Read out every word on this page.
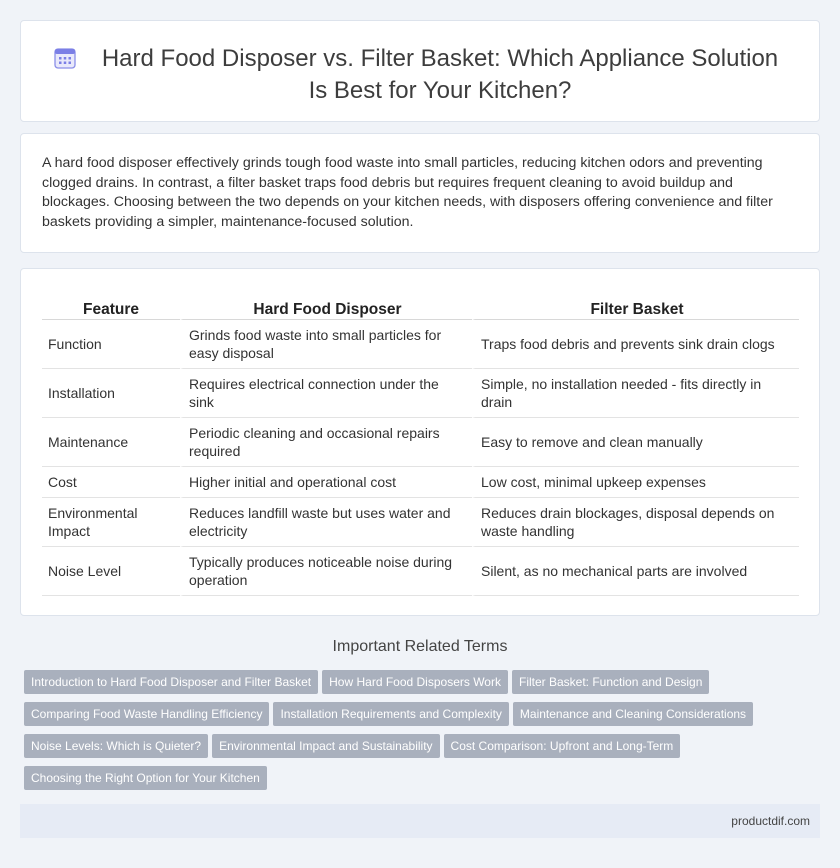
Hard Food Disposer vs. Filter Basket: Which Appliance Solution Is Best for Your Kitchen?

A hard food disposer effectively grinds tough food waste into small particles, reducing kitchen odors and preventing clogged drains. In contrast, a filter basket traps food debris but requires frequent cleaning to avoid buildup and blockages. Choosing between the two depends on your kitchen needs, with disposers offering convenience and filter baskets providing a simpler, maintenance-focused solution.

Feature	Hard Food Disposer	Filter Basket
Function	Grinds food waste into small particles for easy disposal	Traps food debris and prevents sink drain clogs
Installation	Requires electrical connection under the sink	Simple, no installation needed - fits directly in drain
Maintenance	Periodic cleaning and occasional repairs required	Easy to remove and clean manually
Cost	Higher initial and operational cost	Low cost, minimal upkeep expenses
Environmental Impact	Reduces landfill waste but uses water and electricity	Reduces drain blockages, disposal depends on waste handling
Noise Level	Typically produces noticeable noise during operation	Silent, as no mechanical parts are involved
Important Related Terms
Introduction to Hard Food Disposer and Filter Basket How Hard Food Disposers Work Filter Basket: Function and Design
Comparing Food Waste Handling Efficiency Installation Requirements and Complexity Maintenance and Cleaning Considerations
Noise Levels: Which is Quieter? Environmental Impact and Sustainability Cost Comparison: Upfront and Long-Term
Choosing the Right Option for Your Kitchen
productdif.com
